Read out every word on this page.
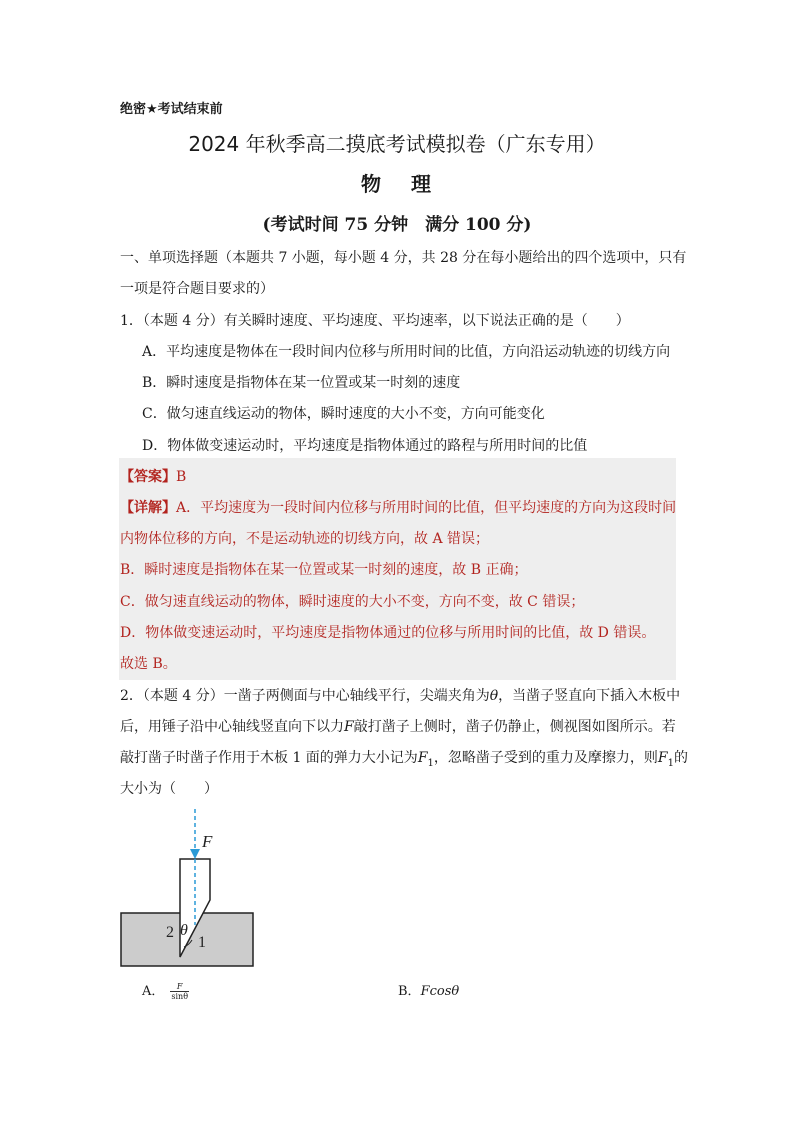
绝密★考试结束前
2024 年秋季高二摸底考试模拟卷（广东专用）
物 理
(考试时间 75 分钟　满分 100 分)
一、单项选择题（本题共 7 小题，每小题 4 分，共 28 分在每小题给出的四个选项中，只有
一项是符合题目要求的）
1．（本题 4 分）有关瞬时速度、平均速度、平均速率，以下说法正确的是（　　）
A．平均速度是物体在一段时间内位移与所用时间的比值，方向沿运动轨迹的切线方向
B．瞬时速度是指物体在某一位置或某一时刻的速度
C．做匀速直线运动的物体，瞬时速度的大小不变，方向可能变化
D．物体做变速运动时，平均速度是指物体通过的路程与所用时间的比值
【答案】B
【详解】A．平均速度为一段时间内位移与所用时间的比值，但平均速度的方向为这段时间
内物体位移的方向，不是运动轨迹的切线方向，故 A 错误；
B．瞬时速度是指物体在某一位置或某一时刻的速度，故 B 正确；
C．做匀速直线运动的物体，瞬时速度的大小不变，方向不变，故 C 错误；
D．物体做变速运动时，平均速度是指物体通过的位移与所用时间的比值，故 D 错误。
故选 B。
2．（本题 4 分）一凿子两侧面与中心轴线平行，尖端夹角为θ，当凿子竖直向下插入木板中
后，用锤子沿中心轴线竖直向下以力F敲打凿子上侧时，凿子仍静止，侧视图如图所示。若
敲打凿子时凿子作用于木板 1 面的弹力大小记为$F_1$，忽略凿子受到的重力及摩擦力，则$F_1$的
大小为（　　）
F
θ
2
1
A． $\frac{F}{\sin\theta}$	B．Fcosθ
